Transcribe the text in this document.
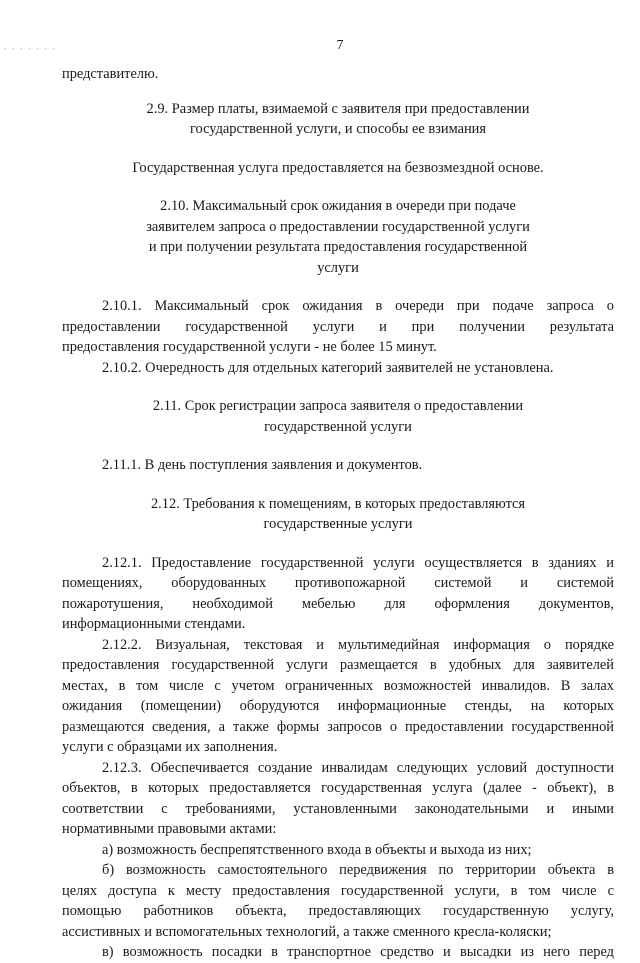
· · · · · · ·	7
представителю.
2.9. Размер платы, взимаемой с заявителя при предоставлении
государственной услуги, и способы ее взимания
Государственная услуга предоставляется на безвозмездной основе.
2.10. Максимальный срок ожидания в очереди при подаче
заявителем запроса о предоставлении государственной услуги
и при получении результата предоставления государственной
услуги
2.10.1. Максимальный срок ожидания в очереди при подаче запроса о
предоставлении государственной услуги и при получении результата
предоставления государственной услуги - не более 15 минут.
2.10.2. Очередность для отдельных категорий заявителей не установлена.
2.11. Срок регистрации запроса заявителя о предоставлении
государственной услуги
2.11.1. В день поступления заявления и документов.
2.12. Требования к помещениям, в которых предоставляются
государственные услуги
2.12.1. Предоставление государственной услуги осуществляется в зданиях и
помещениях, оборудованных противопожарной системой и системой
пожаротушения, необходимой мебелью для оформления документов,
информационными стендами.
2.12.2. Визуальная, текстовая и мультимедийная информация о порядке
предоставления государственной услуги размещается в удобных для заявителей
местах, в том числе с учетом ограниченных возможностей инвалидов. В залах
ожидания (помещении) оборудуются информационные стенды, на которых
размещаются сведения, а также формы запросов о предоставлении государственной
услуги с образцами их заполнения.
2.12.3. Обеспечивается создание инвалидам следующих условий доступности
объектов, в которых предоставляется государственная услуга (далее - объект), в
соответствии с требованиями, установленными законодательными и иными
нормативными правовыми актами:
а) возможность беспрепятственного входа в объекты и выхода из них;
б) возможность самостоятельного передвижения по территории объекта в
целях доступа к месту предоставления государственной услуги, в том числе с
помощью работников объекта, предоставляющих государственную услугу,
ассистивных и вспомогательных технологий, а также сменного кресла-коляски;
в) возможность посадки в транспортное средство и высадки из него перед
